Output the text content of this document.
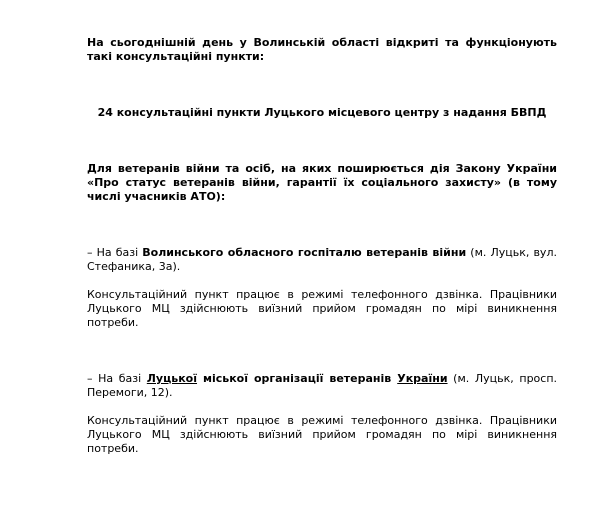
На сьогоднішній день у Волинській області відкриті та функціонують такі консультаційні пункти:

24 консультаційні пункти Луцького місцевого центру з надання БВПД

Для ветеранів війни та осіб, на яких поширюється дія Закону України «Про статус ветеранів війни, гарантії їх соціального захисту» (в тому числі учасників АТО):

– На базі Волинського обласного госпіталю ветеранів війни (м. Луцьк, вул. Стефаника, 3а).

Консультаційний пункт працює в режимі телефонного дзвінка. Працівники Луцького МЦ здійснюють виїзний прийом громадян по мірі виникнення потреби.

– На базі Луцької міської організації ветеранів України (м. Луцьк, просп. Перемоги, 12).

Консультаційний пункт працює в режимі телефонного дзвінка. Працівники Луцького МЦ здійснюють виїзний прийом громадян по мірі виникнення потреби.
